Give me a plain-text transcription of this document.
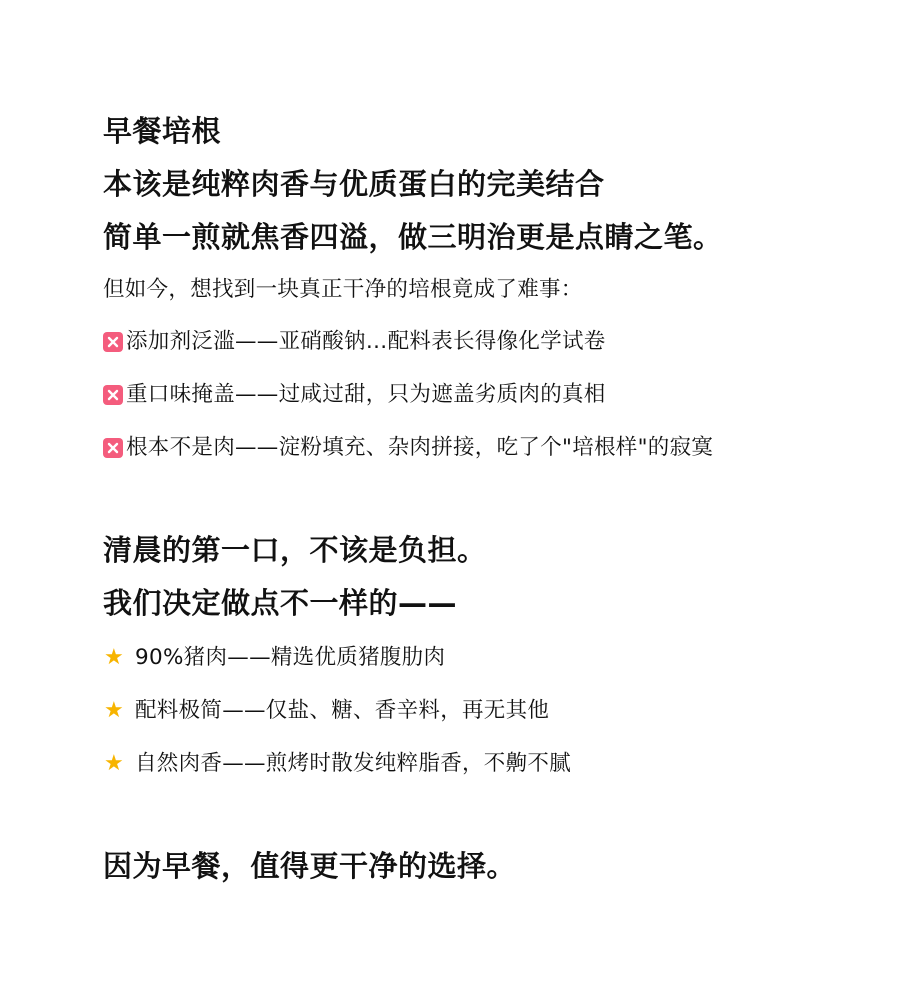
早餐培根
本该是纯粹肉香与优质蛋白的完美结合
简单一煎就焦香四溢，做三明治更是点睛之笔。
但如今，想找到一块真正干净的培根竟成了难事：
添加剂泛滥——亚硝酸钠…配料表长得像化学试卷
重口味掩盖——过咸过甜，只为遮盖劣质肉的真相
根本不是肉——淀粉填充、杂肉拼接，吃了个"培根样"的寂寞
清晨的第一口，不该是负担。
我们决定做点不一样的——
★ 90%猪肉——精选优质猪腹肋肉
★ 配料极简——仅盐、糖、香辛料，再无其他
★ 自然肉香——煎烤时散发纯粹脂香，不齁不腻
因为早餐，值得更干净的选择。
